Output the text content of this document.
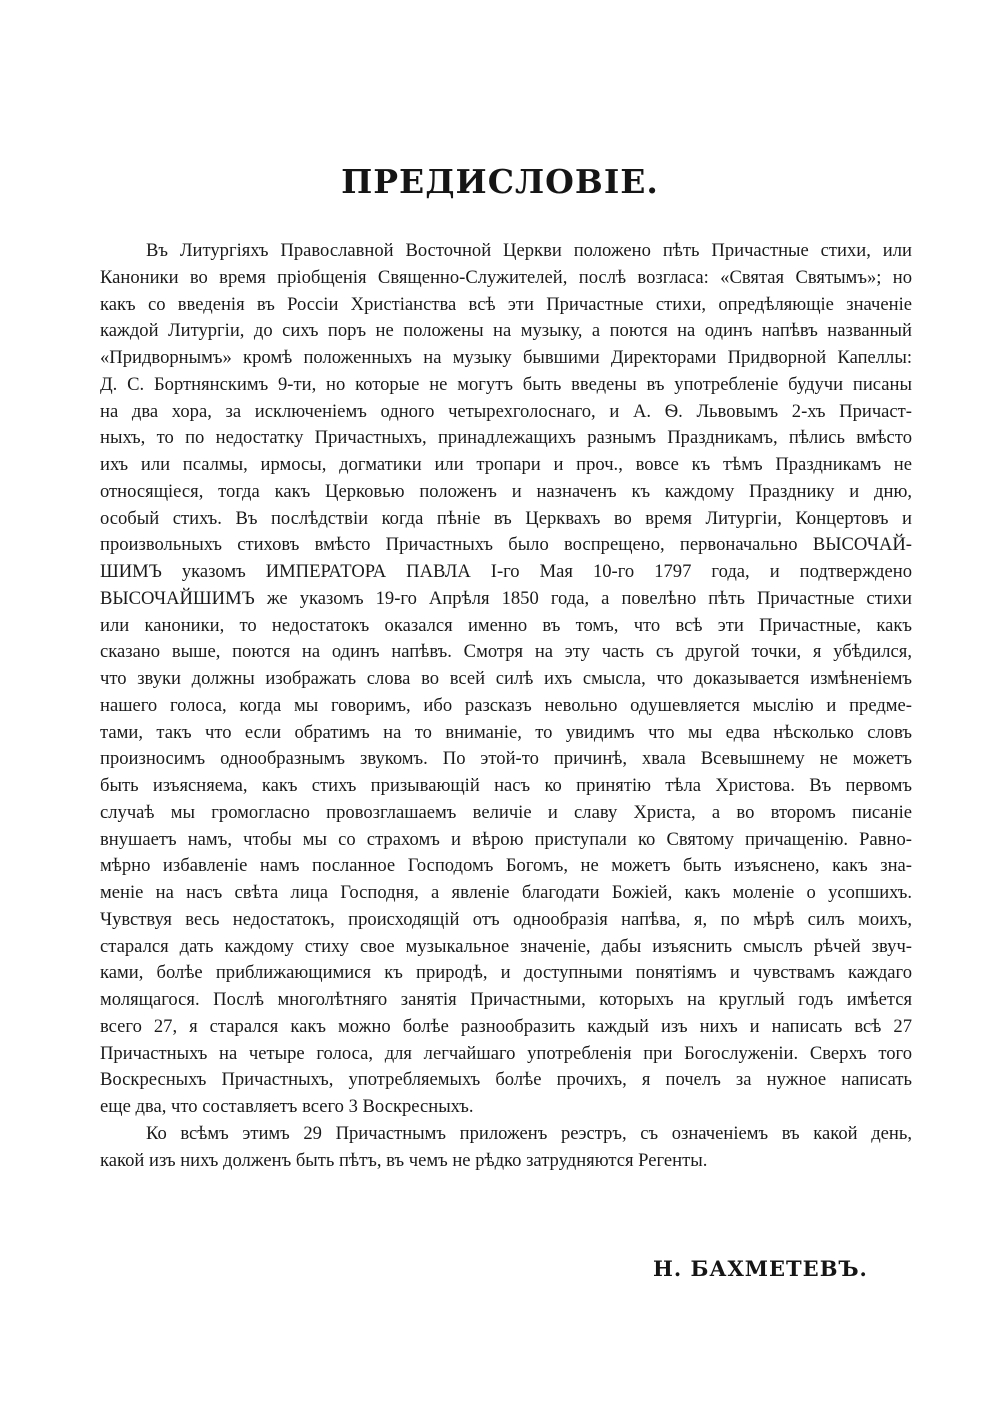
ПРЕДИСЛОВІЕ.
Въ Литургіяхъ Православной Восточной Церкви положено пѣть Причастные стихи, или
Канoники во время пріобщенія Священно-Служителей, послѣ возгласа: «Святая Святымъ»; но
какъ со введенія въ Россіи Христіанства всѣ эти Причастные стихи, опредѣляющіе значеніе
каждой Литургіи, до сихъ поръ не положены на музыку, а поются на одинъ напѣвъ названный
«Придворнымъ» кромѣ положенныхъ на музыку бывшими Директорами Придворной Капеллы:
Д. С. Бортнянскимъ 9-ти, но которые не могутъ быть введены въ употребленіе будучи писаны
на два хора, за исключеніемъ одного четырехголоснаго, и А. Ѳ. Львовымъ 2-хъ Причаст-
ныхъ, то по недостатку Причастныхъ, принадлежащихъ разнымъ Праздникамъ, пѣлись вмѣсто
ихъ или псалмы, ирмосы, догматики или тропари и проч., вовсе къ тѣмъ Праздникамъ не
относящіеся, тогда какъ Церковью положенъ и назначенъ къ каждому Празднику и дню,
особый стихъ. Въ послѣдствіи когда пѣніе въ Церквахъ во время Литургіи, Концертовъ и
произвольныхъ стиховъ вмѣсто Причастныхъ было воспрещено, первоначально ВЫСОЧАЙ-
ШИМЪ указомъ ИМПЕРАТОРА ПАВЛА I-го Мая 10-го 1797 года, и подтверждено
ВЫСОЧАЙШИМЪ же указомъ 19-го Апрѣля 1850 года, а повелѣно пѣть Причастные стихи
или каноники, то недостатокъ оказался именно въ томъ, что всѣ эти Причастные, какъ
сказано выше, поются на одинъ напѣвъ. Смотря на эту часть съ другой точки, я убѣдился,
что звуки должны изображать слова во всей силѣ ихъ смысла, что доказывается измѣненіемъ
нашего голоса, когда мы говоримъ, ибо разсказъ невольно одушевляется мыслію и предме-
тами, такъ что если обратимъ на то вниманіе, то увидимъ что мы едва нѣсколько словъ
произносимъ однообразнымъ звукомъ. По этой-то причинѣ, хвала Всевышнему не можетъ
быть изъясняема, какъ стихъ призывающій насъ ко принятію тѣла Христова. Въ первомъ
случаѣ мы громогласно провозглашаемъ величіе и славу Христа, а во второмъ писаніе
внушаетъ намъ, чтобы мы со страхомъ и вѣрою приступали ко Святому причащенію. Равно-
мѣрно избавленіе намъ посланное Господомъ Богомъ, не можетъ быть изъяснено, какъ зна-
меніе на насъ свѣта лица Господня, а явленіе благодати Божіей, какъ моленіе о усопшихъ.
Чувствуя весь недостатокъ, происходящій отъ однообразія напѣва, я, по мѣрѣ силъ моихъ,
старался дать каждому стиху свое музыкальное значеніе, дабы изъяснить смыслъ рѣчей звуч-
ками, болѣе приближающимися къ природѣ, и доступными понятіямъ и чувствамъ каждаго
молящагося. Послѣ многолѣтняго занятія Причастными, которыхъ на круглый годъ имѣется
всего 27, я старался какъ можно болѣе разнообразить каждый изъ нихъ и написать всѣ 27
Причастныхъ на четыре голоса, для легчайшаго употребленія при Богослуженіи. Сверхъ того
Воскресныхъ Причастныхъ, употребляемыхъ болѣе прочихъ, я почелъ за нужное написать
еще два, что составляетъ всего 3 Воскресныхъ.
Ко всѣмъ этимъ 29 Причастнымъ приложенъ реэстръ, съ означеніемъ въ какой день,
какой изъ нихъ долженъ быть пѣтъ, въ чемъ не рѣдко затрудняются Регенты.
Н. БАХМЕТЕВЪ.
